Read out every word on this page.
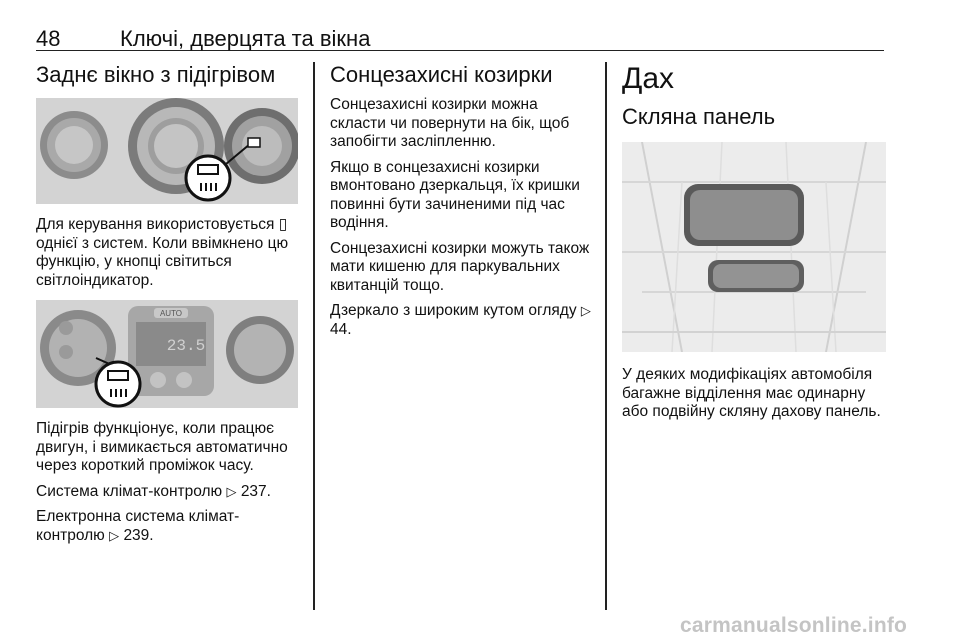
48	Ключі, дверцята та вікна
Заднє вікно з підігрівом

Для керування використовується ▯ однієї з систем. Коли ввімкнено цю функцію, у кнопці світиться світлоіндикатор.

AUTO
23.5

Підігрів функціонує, коли працює двигун, і вимикається автоматично через короткий проміжок часу.

Система клімат-контролю ▷ 237.

Електронна система клімат-контролю ▷ 239.

Сонцезахисні козирки

Сонцезахисні козирки можна скласти чи повернути на бік, щоб запобігти засліпленню.

Якщо в сонцезахисні козирки вмонтовано дзеркальця, їх кришки повинні бути зачиненими під час водіння.

Сонцезахисні козирки можуть також мати кишеню для паркувальних квитанцій тощо.

Дзеркало з широким кутом огляду ▷ 44.

Дах
Скляна панель

У деяких модифікаціях автомобіля багажне відділення має одинарну або подвійну скляну дахову панель.

carmanualsonline.info
